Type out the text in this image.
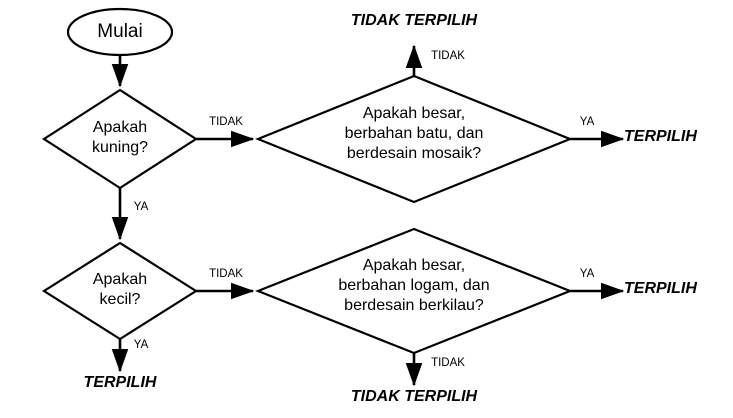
Mulai
Apakah
kuning?
Apakah besar,
berbahan batu, dan
berdesain mosaik?
Apakah
kecil?
Apakah besar,
berbahan logam, dan
berdesain berkilau?
TIDAK
YA
TIDAK
YA
TIDAK
YA
YA
TIDAK
TIDAK TERPILIH
TERPILIH
TERPILIH
TERPILIH
TIDAK TERPILIH
